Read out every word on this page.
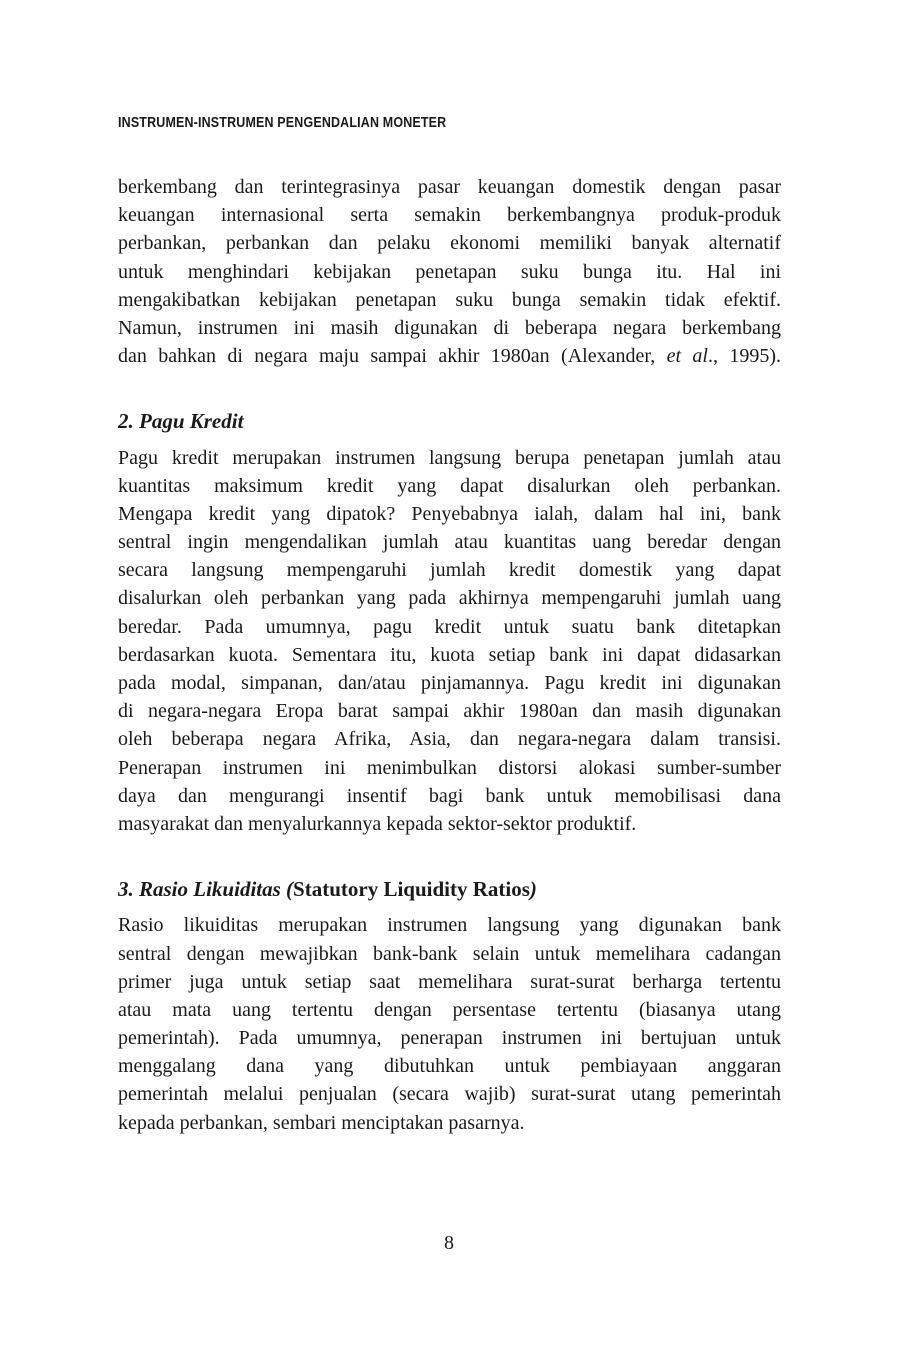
INSTRUMEN-INSTRUMEN PENGENDALIAN MONETER

berkembang dan terintegrasinya pasar keuangan domestik dengan pasar
keuangan internasional serta semakin berkembangnya produk-produk
perbankan, perbankan dan pelaku ekonomi memiliki banyak alternatif
untuk menghindari kebijakan penetapan suku bunga itu. Hal ini
mengakibatkan kebijakan penetapan suku bunga semakin tidak efektif.
Namun, instrumen ini masih digunakan di beberapa negara berkembang
dan bahkan di negara maju sampai akhir 1980an (Alexander, et al., 1995).

2. Pagu Kredit

Pagu kredit merupakan instrumen langsung berupa penetapan jumlah atau
kuantitas maksimum kredit yang dapat disalurkan oleh perbankan.
Mengapa kredit yang dipatok? Penyebabnya ialah, dalam hal ini, bank
sentral ingin mengendalikan jumlah atau kuantitas uang beredar dengan
secara langsung mempengaruhi jumlah kredit domestik yang dapat
disalurkan oleh perbankan yang pada akhirnya mempengaruhi jumlah uang
beredar. Pada umumnya, pagu kredit untuk suatu bank ditetapkan
berdasarkan kuota. Sementara itu, kuota setiap bank ini dapat didasarkan
pada modal, simpanan, dan/atau pinjamannya. Pagu kredit ini digunakan
di negara-negara Eropa barat sampai akhir 1980an dan masih digunakan
oleh beberapa negara Afrika, Asia, dan negara-negara dalam transisi.
Penerapan instrumen ini menimbulkan distorsi alokasi sumber-sumber
daya dan mengurangi insentif bagi bank untuk memobilisasi dana
masyarakat dan menyalurkannya kepada sektor-sektor produktif.

3. Rasio Likuiditas (Statutory Liquidity Ratios)

Rasio likuiditas merupakan instrumen langsung yang digunakan bank
sentral dengan mewajibkan bank-bank selain untuk memelihara cadangan
primer juga untuk setiap saat memelihara surat-surat berharga tertentu
atau mata uang tertentu dengan persentase tertentu (biasanya utang
pemerintah). Pada umumnya, penerapan instrumen ini bertujuan untuk
menggalang dana yang dibutuhkan untuk pembiayaan anggaran
pemerintah melalui penjualan (secara wajib) surat-surat utang pemerintah
kepada perbankan, sembari menciptakan pasarnya.

8
